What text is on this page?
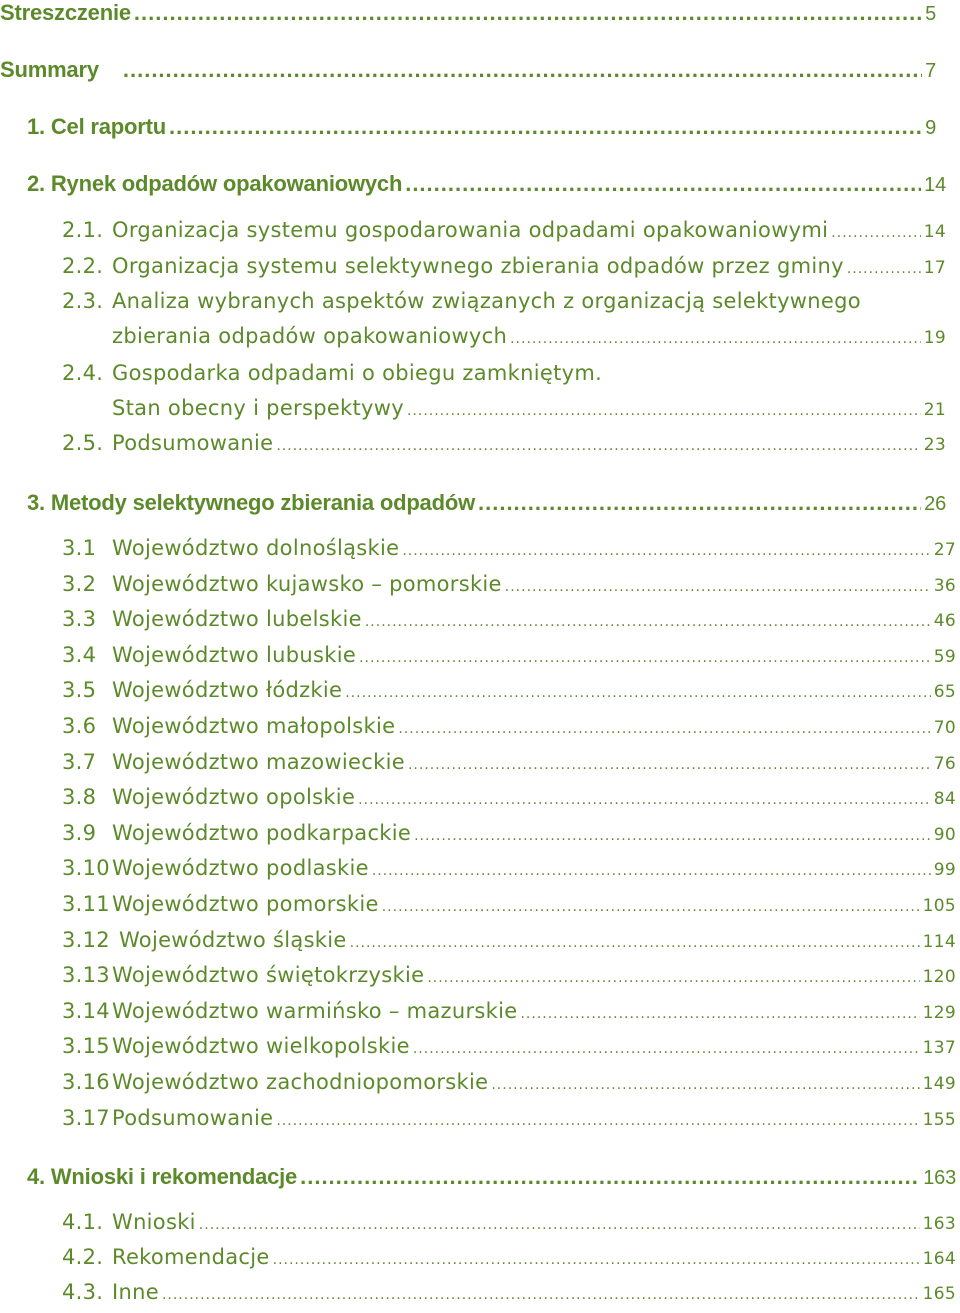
Streszczenie .....	5
Summary .....	7
1. Cel raportu .....	9
2. Rynek odpadów opakowaniowych .....	14
2.1. Organizacja systemu gospodarowania odpadami opakowaniowymi .....	14
2.2. Organizacja systemu selektywnego zbierania odpadów przez gminy .....	17
2.3. Analiza wybranych aspektów związanych z organizacją selektywnego
zbierania odpadów opakowaniowych .....	19
2.4. Gospodarka odpadami o obiegu zamkniętym.
Stan obecny i perspektywy .....	21
2.5. Podsumowanie .....	23
3. Metody selektywnego zbierania odpadów .....	26
3.1 Województwo dolnośląskie .....	27
3.2 Województwo kujawsko – pomorskie .....	36
3.3 Województwo lubelskie .....	46
3.4 Województwo lubuskie .....	59
3.5 Województwo łódzkie .....	65
3.6 Województwo małopolskie .....	70
3.7 Województwo mazowieckie .....	76
3.8 Województwo opolskie .....	84
3.9 Województwo podkarpackie .....	90
3.10 Województwo podlaskie .....	99
3.11 Województwo pomorskie .....	105
3.12 Województwo śląskie .....	114
3.13 Województwo świętokrzyskie .....	120
3.14 Województwo warmińsko – mazurskie .....	129
3.15 Województwo wielkopolskie .....	137
3.16 Województwo zachodniopomorskie .....	149
3.17 Podsumowanie .....	155
4. Wnioski i rekomendacje .....	163
4.1. Wnioski .....	163
4.2. Rekomendacje .....	164
4.3. Inne .....	165
